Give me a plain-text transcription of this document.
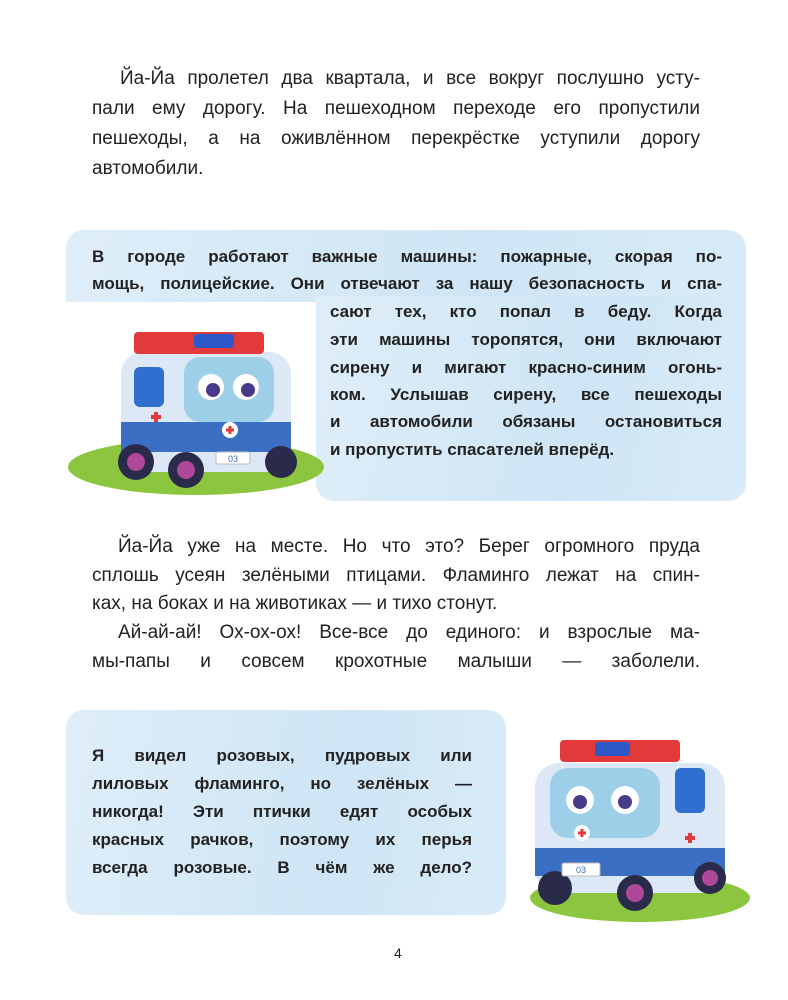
Йа-Йа пролетел два квартала, и все вокруг послушно усту-
пали ему дорогу. На пешеходном переходе его пропустили
пешеходы, а на оживлённом перекрёстке уступили дорогу
автомобили.
В городе работают важные машины: пожарные, скорая по-
мощь, полицейские. Они отвечают за нашу безопасность и спа-
сают тех, кто попал в беду. Когда
эти машины торопятся, они включают
сирену и мигают красно-синим огонь-
ком. Услышав сирену, все пешеходы
и автомобили обязаны остановиться
и пропустить спасателей вперёд.
03
Йа-Йа уже на месте. Но что это? Берег огромного пруда
сплошь усеян зелёными птицами. Фламинго лежат на спин-
ках, на боках и на животиках — и тихо стонут.
Ай-ай-ай! Ох-ох-ох! Все-все до единого: и взрослые ма-
мы-папы и совсем крохотные малыши — заболели.
Я видел розовых, пудровых или
лиловых фламинго, но зелёных —
никогда! Эти птички едят особых
красных рачков, поэтому их перья
всегда розовые. В чём же дело?	03
4
